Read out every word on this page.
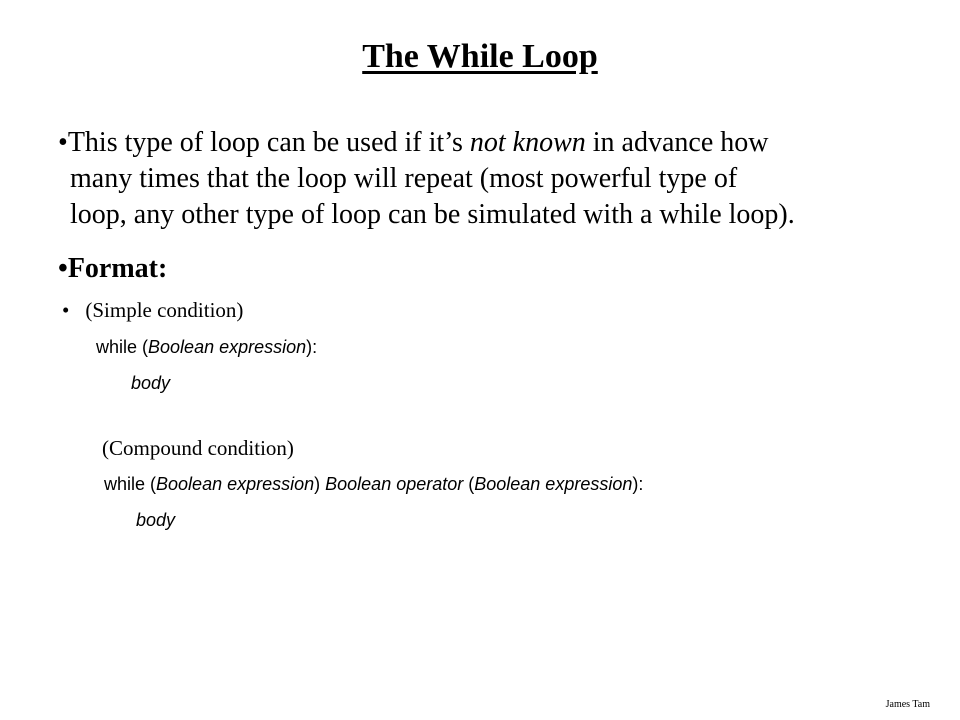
The While Loop
•This type of loop can be used if it’s not known in advance how
many times that the loop will repeat (most powerful type of
loop, any other type of loop can be simulated with a while loop).
•Format:
• (Simple condition)
while (Boolean expression):
body
(Compound condition)
while (Boolean expression) Boolean operator (Boolean expression):
body
James Tam
